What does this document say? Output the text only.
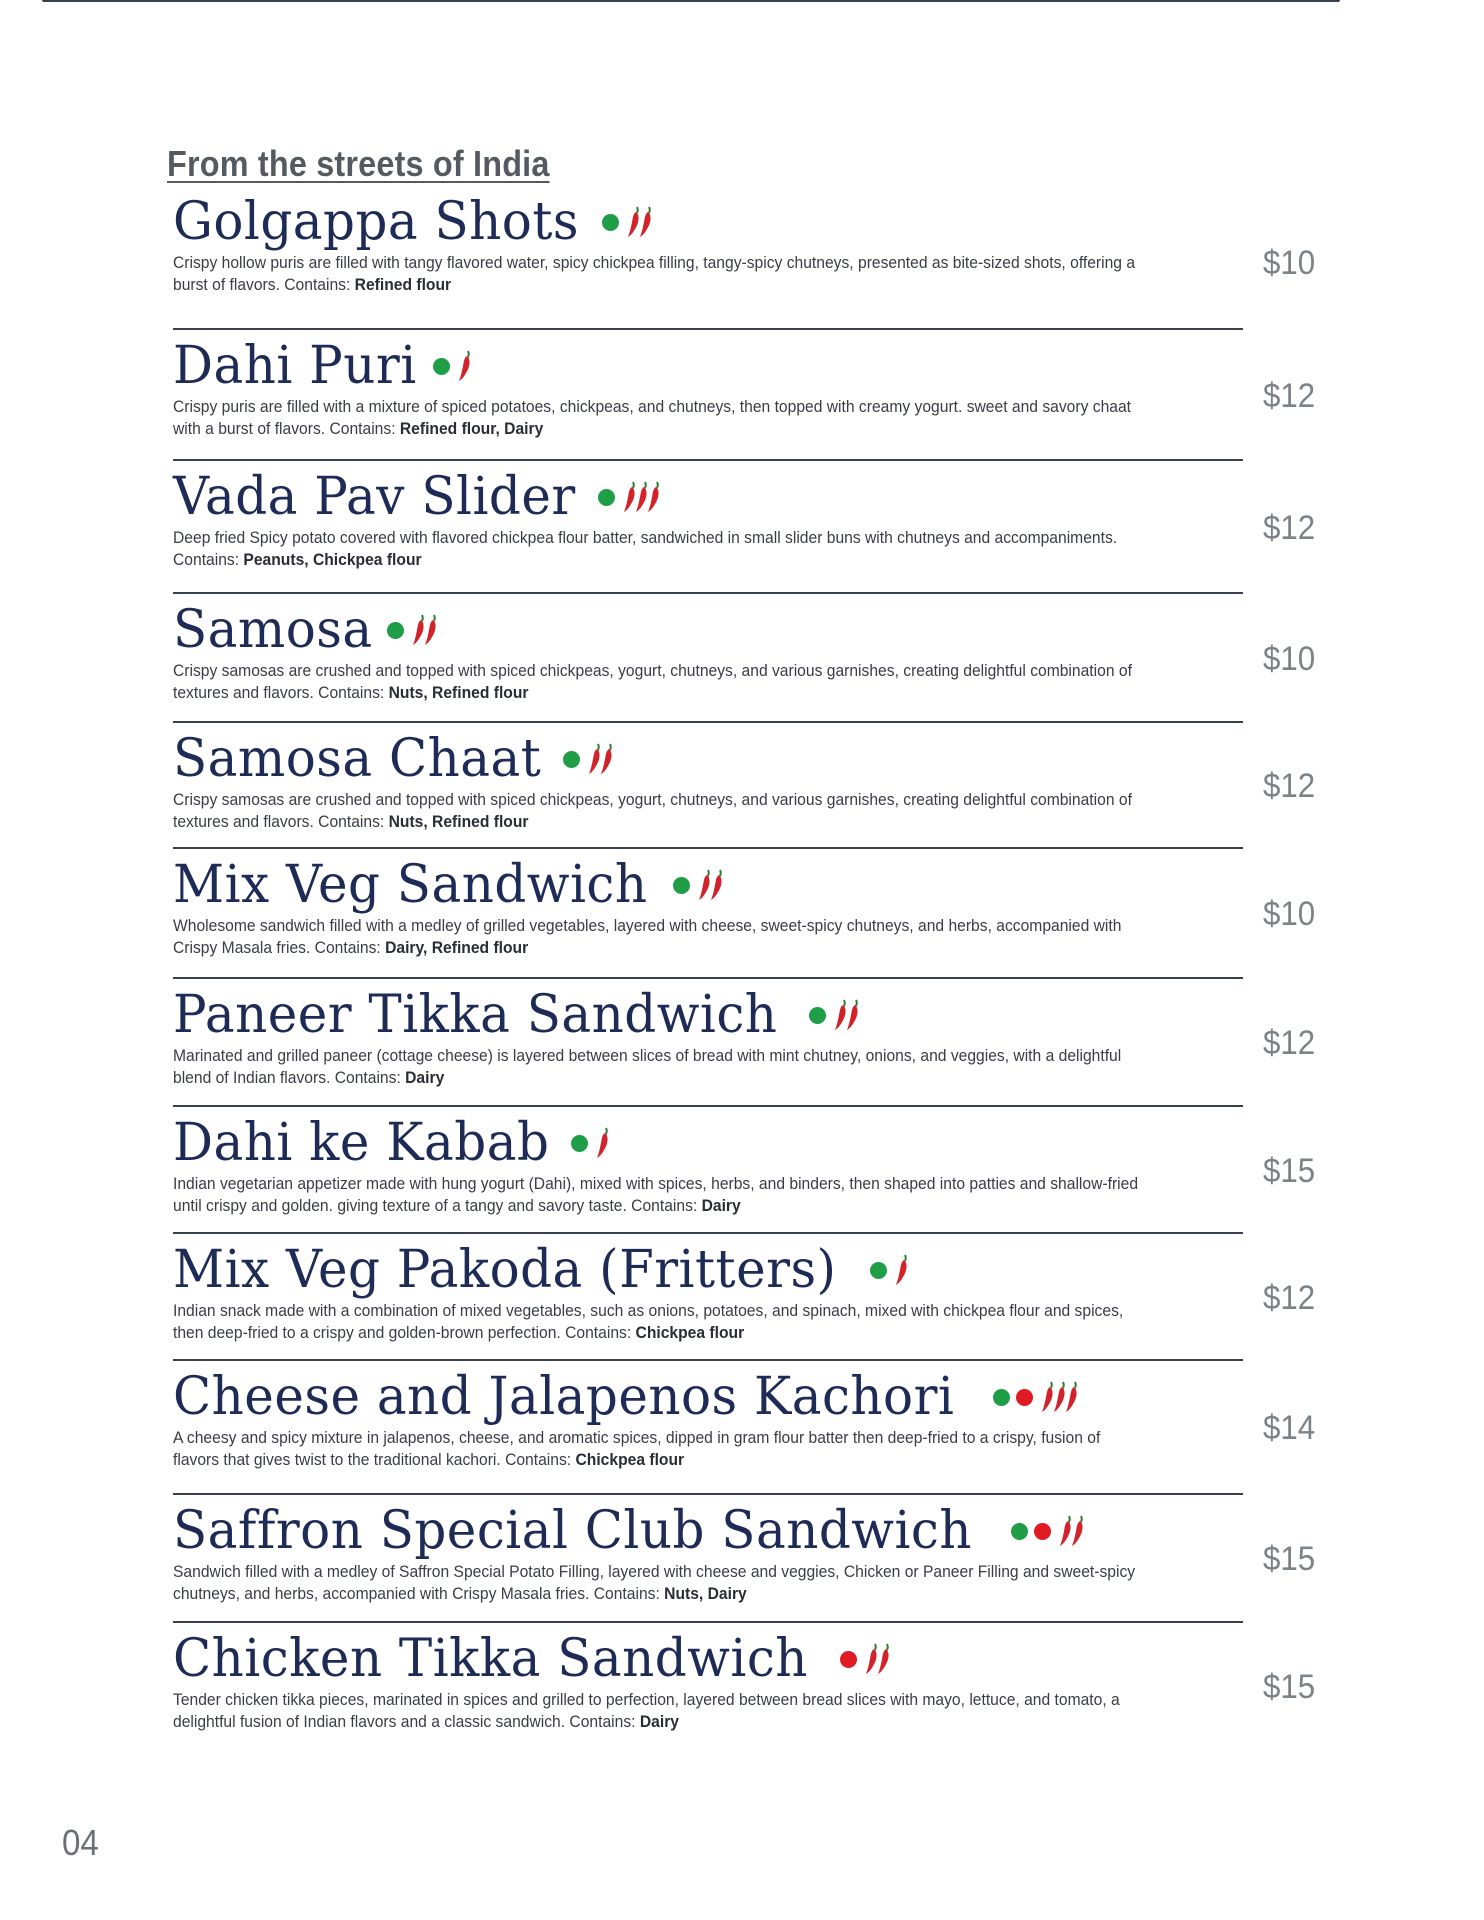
From the streets of India
Golgappa Shots
Crispy hollow puris are filled with tangy flavored water, spicy chickpea filling, tangy-spicy chutneys, presented as bite-sized shots, offering a burst of flavors. Contains: Refined flour
$10
Dahi Puri
Crispy puris are filled with a mixture of spiced potatoes, chickpeas, and chutneys, then topped with creamy yogurt. sweet and savory chaat with a burst of flavors. Contains: Refined flour, Dairy
$12
Vada Pav Slider
Deep fried Spicy potato covered with flavored chickpea flour batter, sandwiched in small slider buns with chutneys and accompaniments. Contains: Peanuts, Chickpea flour
$12
Samosa
Crispy samosas are crushed and topped with spiced chickpeas, yogurt, chutneys, and various garnishes, creating delightful combination of textures and flavors. Contains: Nuts, Refined flour
$10
Samosa Chaat
Crispy samosas are crushed and topped with spiced chickpeas, yogurt, chutneys, and various garnishes, creating delightful combination of textures and flavors. Contains: Nuts, Refined flour
$12
Mix Veg Sandwich
Wholesome sandwich filled with a medley of grilled vegetables, layered with cheese, sweet-spicy chutneys, and herbs, accompanied with Crispy Masala fries. Contains: Dairy, Refined flour
$10
Paneer Tikka Sandwich
Marinated and grilled paneer (cottage cheese) is layered between slices of bread with mint chutney, onions, and veggies, with a delightful blend of Indian flavors. Contains: Dairy
$12
Dahi ke Kabab
Indian vegetarian appetizer made with hung yogurt (Dahi), mixed with spices, herbs, and binders, then shaped into patties and shallow-fried until crispy and golden. giving texture of a tangy and savory taste. Contains: Dairy
$15
Mix Veg Pakoda (Fritters)
Indian snack made with a combination of mixed vegetables, such as onions, potatoes, and spinach, mixed with chickpea flour and spices, then deep-fried to a crispy and golden-brown perfection. Contains: Chickpea flour
$12
Cheese and Jalapenos Kachori
A cheesy and spicy mixture in jalapenos, cheese, and aromatic spices, dipped in gram flour batter then deep-fried to a crispy, fusion of flavors that gives twist to the traditional kachori. Contains: Chickpea flour
$14
Saffron Special Club Sandwich
Sandwich filled with a medley of Saffron Special Potato Filling, layered with cheese and veggies, Chicken or Paneer Filling and sweet-spicy chutneys, and herbs, accompanied with Crispy Masala fries. Contains: Nuts, Dairy
$15
Chicken Tikka Sandwich
Tender chicken tikka pieces, marinated in spices and grilled to perfection, layered between bread slices with mayo, lettuce, and tomato, a delightful fusion of Indian flavors and a classic sandwich. Contains: Dairy
$15
04
